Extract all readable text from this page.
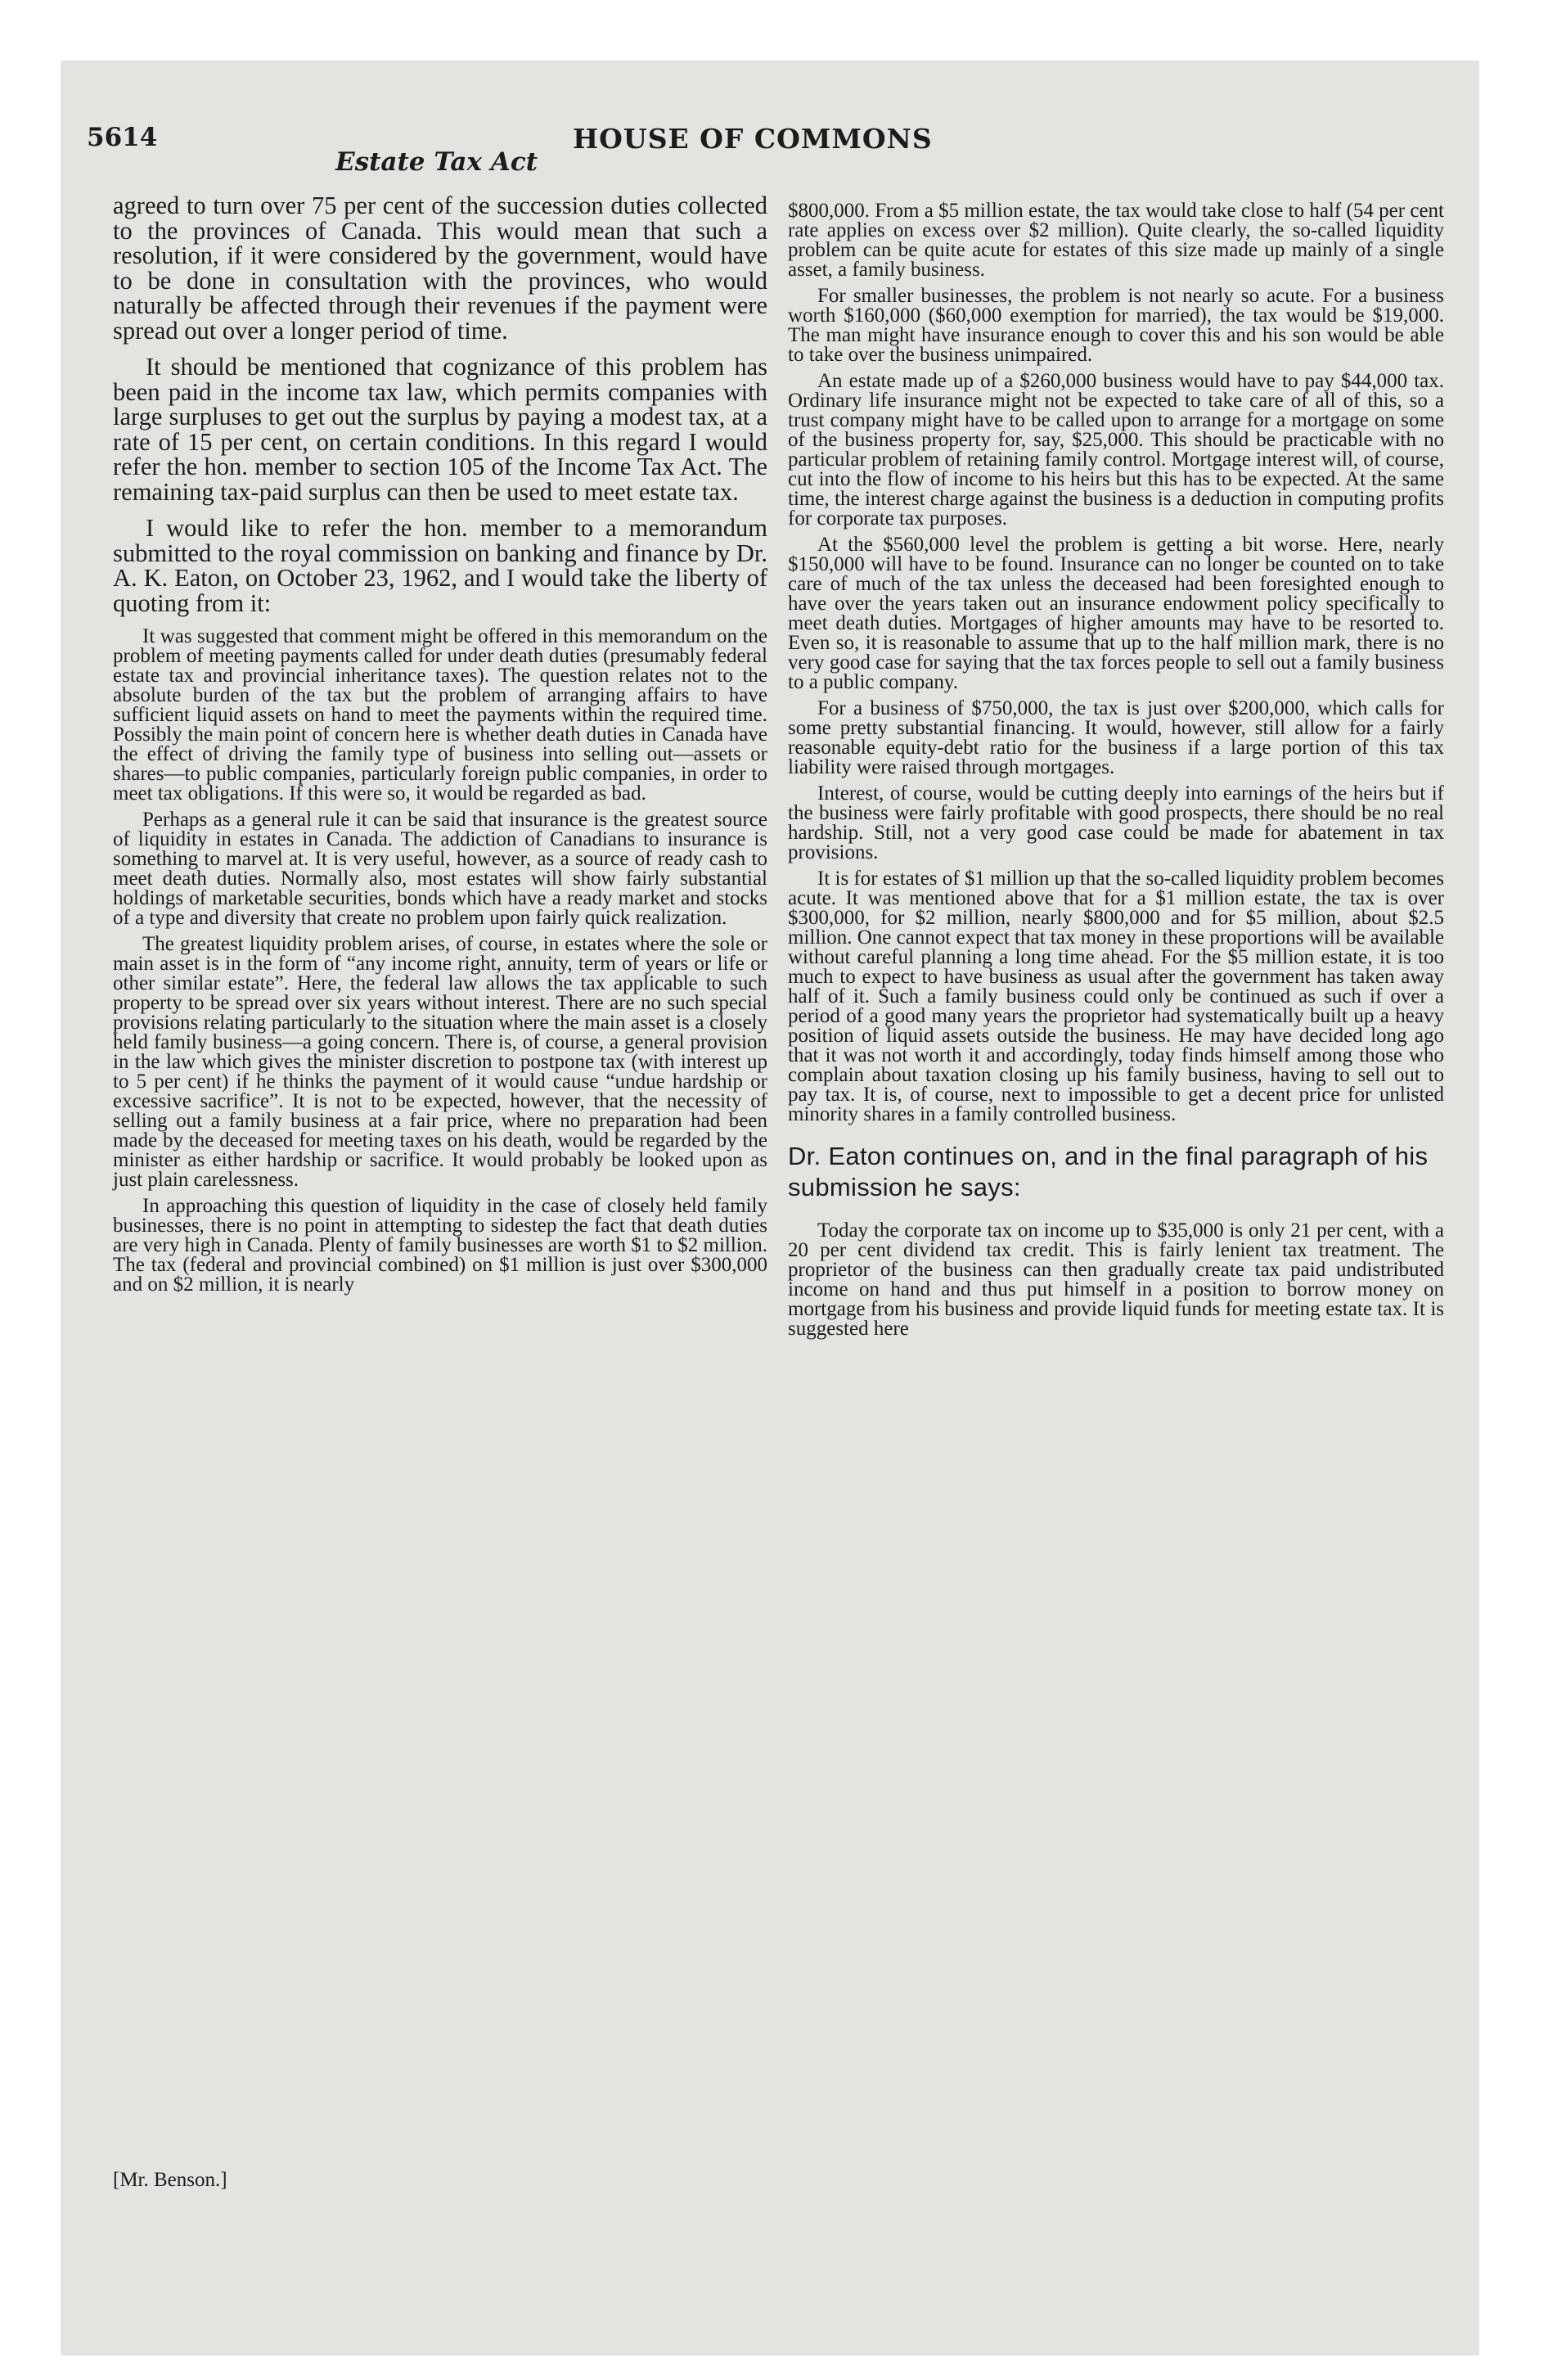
5614	HOUSE OF COMMONS
Estate Tax Act

agreed to turn over 75 per cent of the succession duties collected to the provinces of Canada. This would mean that such a resolution, if it were considered by the government, would have to be done in consultation with the provinces, who would naturally be affected through their revenues if the payment were spread out over a longer period of time.

It should be mentioned that cognizance of this problem has been paid in the income tax law, which permits companies with large surpluses to get out the surplus by paying a modest tax, at a rate of 15 per cent, on certain conditions. In this regard I would refer the hon. member to section 105 of the Income Tax Act. The remaining tax-paid surplus can then be used to meet estate tax.

I would like to refer the hon. member to a memorandum submitted to the royal commission on banking and finance by Dr. A. K. Eaton, on October 23, 1962, and I would take the liberty of quoting from it:

It was suggested that comment might be offered in this memorandum on the problem of meeting payments called for under death duties (presumably federal estate tax and provincial inheritance taxes). The question relates not to the absolute burden of the tax but the problem of arranging affairs to have sufficient liquid assets on hand to meet the payments within the required time. Possibly the main point of concern here is whether death duties in Canada have the effect of driving the family type of business into selling out—assets or shares—to public companies, particularly foreign public companies, in order to meet tax obligations. If this were so, it would be regarded as bad.

Perhaps as a general rule it can be said that insurance is the greatest source of liquidity in estates in Canada. The addiction of Canadians to insurance is something to marvel at. It is very useful, however, as a source of ready cash to meet death duties. Normally also, most estates will show fairly substantial holdings of marketable securities, bonds which have a ready market and stocks of a type and diversity that create no problem upon fairly quick realization.

The greatest liquidity problem arises, of course, in estates where the sole or main asset is in the form of “any income right, annuity, term of years or life or other similar estate”. Here, the federal law allows the tax applicable to such property to be spread over six years without interest. There are no such special provisions relating particularly to the situation where the main asset is a closely held family business—a going concern. There is, of course, a general provision in the law which gives the minister discretion to postpone tax (with interest up to 5 per cent) if he thinks the payment of it would cause “undue hardship or excessive sacrifice”. It is not to be expected, however, that the necessity of selling out a family business at a fair price, where no preparation had been made by the deceased for meeting taxes on his death, would be regarded by the minister as either hardship or sacrifice. It would probably be looked upon as just plain carelessness.

In approaching this question of liquidity in the case of closely held family businesses, there is no point in attempting to sidestep the fact that death duties are very high in Canada. Plenty of family businesses are worth $1 to $2 million. The tax (federal and provincial combined) on $1 million is just over $300,000 and on $2 million, it is nearly

[Mr. Benson.]

$800,000. From a $5 million estate, the tax would take close to half (54 per cent rate applies on excess over $2 million). Quite clearly, the so-called liquidity problem can be quite acute for estates of this size made up mainly of a single asset, a family business.

For smaller businesses, the problem is not nearly so acute. For a business worth $160,000 ($60,000 exemption for married), the tax would be $19,000. The man might have insurance enough to cover this and his son would be able to take over the business unimpaired.

An estate made up of a $260,000 business would have to pay $44,000 tax. Ordinary life insurance might not be expected to take care of all of this, so a trust company might have to be called upon to arrange for a mortgage on some of the business property for, say, $25,000. This should be practicable with no particular problem of retaining family control. Mortgage interest will, of course, cut into the flow of income to his heirs but this has to be expected. At the same time, the interest charge against the business is a deduction in computing profits for corporate tax purposes.

At the $560,000 level the problem is getting a bit worse. Here, nearly $150,000 will have to be found. Insurance can no longer be counted on to take care of much of the tax unless the deceased had been foresighted enough to have over the years taken out an insurance endowment policy specifically to meet death duties. Mortgages of higher amounts may have to be resorted to. Even so, it is reasonable to assume that up to the half million mark, there is no very good case for saying that the tax forces people to sell out a family business to a public company.

For a business of $750,000, the tax is just over $200,000, which calls for some pretty substantial financing. It would, however, still allow for a fairly reasonable equity-debt ratio for the business if a large portion of this tax liability were raised through mortgages.

Interest, of course, would be cutting deeply into earnings of the heirs but if the business were fairly profitable with good prospects, there should be no real hardship. Still, not a very good case could be made for abatement in tax provisions.

It is for estates of $1 million up that the so-called liquidity problem becomes acute. It was mentioned above that for a $1 million estate, the tax is over $300,000, for $2 million, nearly $800,000 and for $5 million, about $2.5 million. One cannot expect that tax money in these proportions will be available without careful planning a long time ahead. For the $5 million estate, it is too much to expect to have business as usual after the government has taken away half of it. Such a family business could only be continued as such if over a period of a good many years the proprietor had systematically built up a heavy position of liquid assets outside the business. He may have decided long ago that it was not worth it and accordingly, today finds himself among those who complain about taxation closing up his family business, having to sell out to pay tax. It is, of course, next to impossible to get a decent price for unlisted minority shares in a family controlled business.

Dr. Eaton continues on, and in the final paragraph of his submission he says:

Today the corporate tax on income up to $35,000 is only 21 per cent, with a 20 per cent dividend tax credit. This is fairly lenient tax treatment. The proprietor of the business can then gradually create tax paid undistributed income on hand and thus put himself in a position to borrow money on mortgage from his business and provide liquid funds for meeting estate tax. It is suggested here
